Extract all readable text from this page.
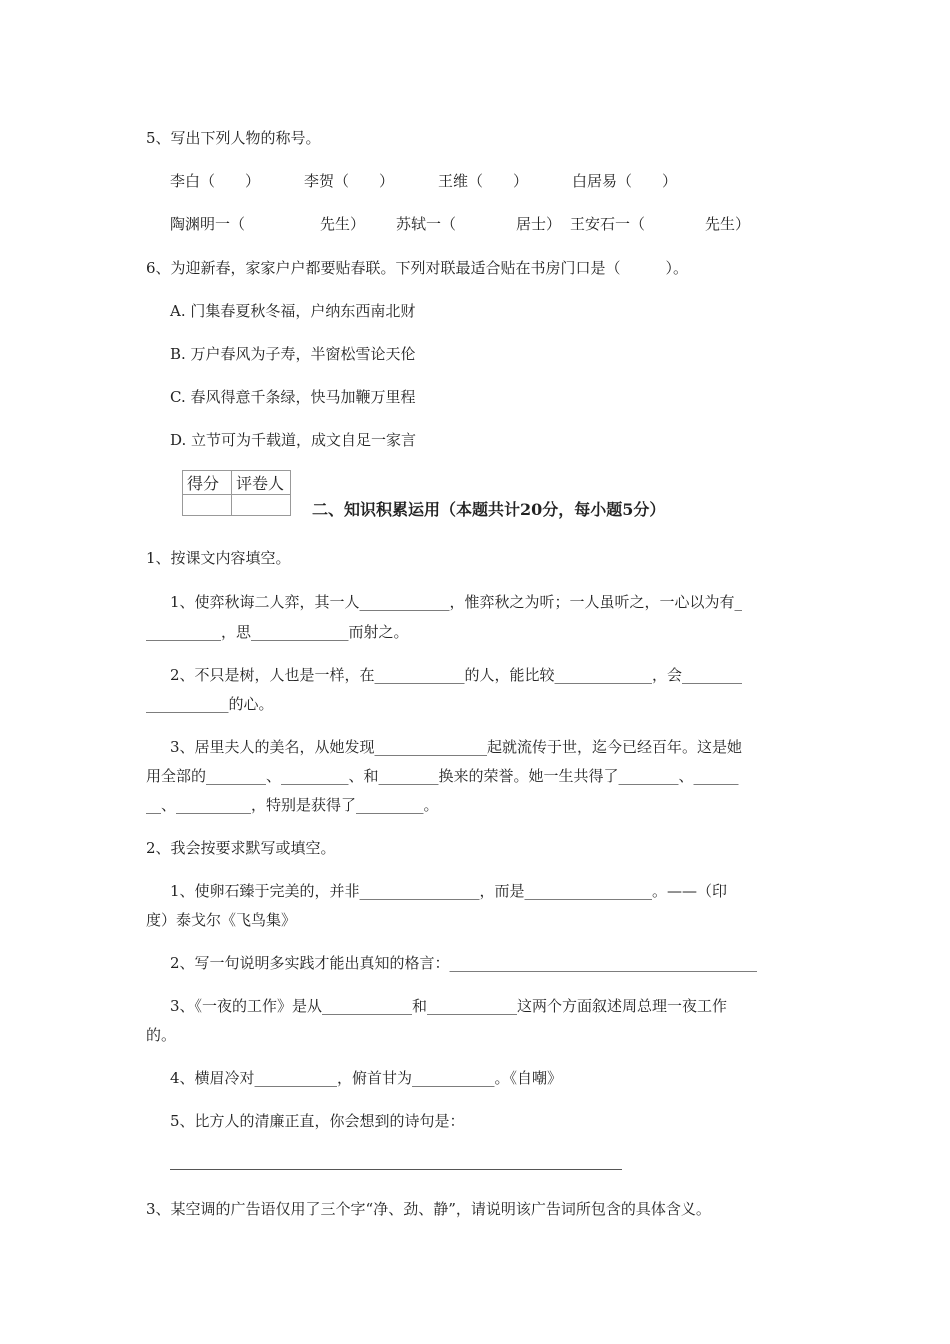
5、写出下列人物的称号。
李白（　　）	李贺（　　）	王维（　　）	白居易（　　）
陶渊明一（　　　　　先生） 苏轼一（　　　　居士） 王安石一（　　　　先生）
6、为迎新春，家家户户都要贴春联。下列对联最适合贴在书房门口是（　　　）。
A. 门集春夏秋冬福，户纳东西南北财
B. 万户春风为子寿，半窗松雪论天伦
C. 春风得意千条绿，快马加鞭万里程
D. 立节可为千载道，成文自足一家言
得分	评卷人

二、知识积累运用（本题共计20分，每小题5分）
1、按课文内容填空。
1、使弈秋诲二人弈，其一人____________，惟弈秋之为听；一人虽听之，一心以为有_
__________，思_____________而射之。
2、不只是树，人也是一样，在____________的人，能比较_____________，会________
___________的心。
3、居里夫人的美名，从她发现_______________起就流传于世，迄今已经百年。这是她
用全部的________、_________、和________换来的荣誉。她一生共得了________、______
__、__________，特别是获得了_________。
2、我会按要求默写或填空。
1、使卵石臻于完美的，并非________________，而是_________________。——（印
度）泰戈尔《飞鸟集》
2、写一句说明多实践才能出真知的格言：_________________________________________
3、《一夜的工作》是从____________和____________这两个方面叙述周总理一夜工作
的。
4、横眉冷对___________，俯首甘为___________。《自嘲》
5、比方人的清廉正直，你会想到的诗句是：
3、某空调的广告语仅用了三个字“净、劲、静”，请说明该广告词所包含的具体含义。
